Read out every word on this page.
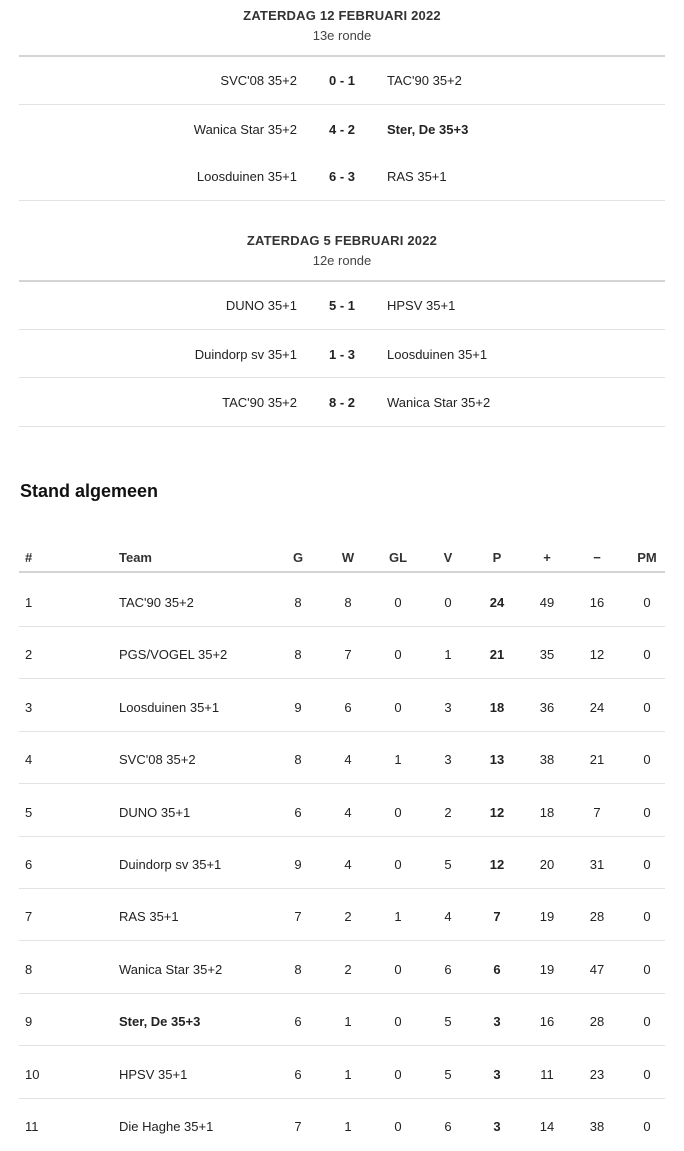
ZATERDAG 12 FEBRUARI 2022
13e ronde
SVC'08 35+2	0 - 1	TAC'90 35+2
Wanica Star 35+2	4 - 2	Ster, De 35+3
Loosduinen 35+1	6 - 3	RAS 35+1
ZATERDAG 5 FEBRUARI 2022
12e ronde
DUNO 35+1	5 - 1	HPSV 35+1
Duindorp sv 35+1	1 - 3	Loosduinen 35+1
TAC'90 35+2	8 - 2	Wanica Star 35+2
Stand algemeen
#	Team	G	W	GL	V	P	+	−	PM
1	TAC'90 35+2	8	8	0	0	24	49	16	0
2	PGS/VOGEL 35+2	8	7	0	1	21	35	12	0
3	Loosduinen 35+1	9	6	0	3	18	36	24	0
4	SVC'08 35+2	8	4	1	3	13	38	21	0
5	DUNO 35+1	6	4	0	2	12	18	7	0
6	Duindorp sv 35+1	9	4	0	5	12	20	31	0
7	RAS 35+1	7	2	1	4	7	19	28	0
8	Wanica Star 35+2	8	2	0	6	6	19	47	0
9	Ster, De 35+3	6	1	0	5	3	16	28	0
10	HPSV 35+1	6	1	0	5	3	11	23	0
11	Die Haghe 35+1	7	1	0	6	3	14	38	0
